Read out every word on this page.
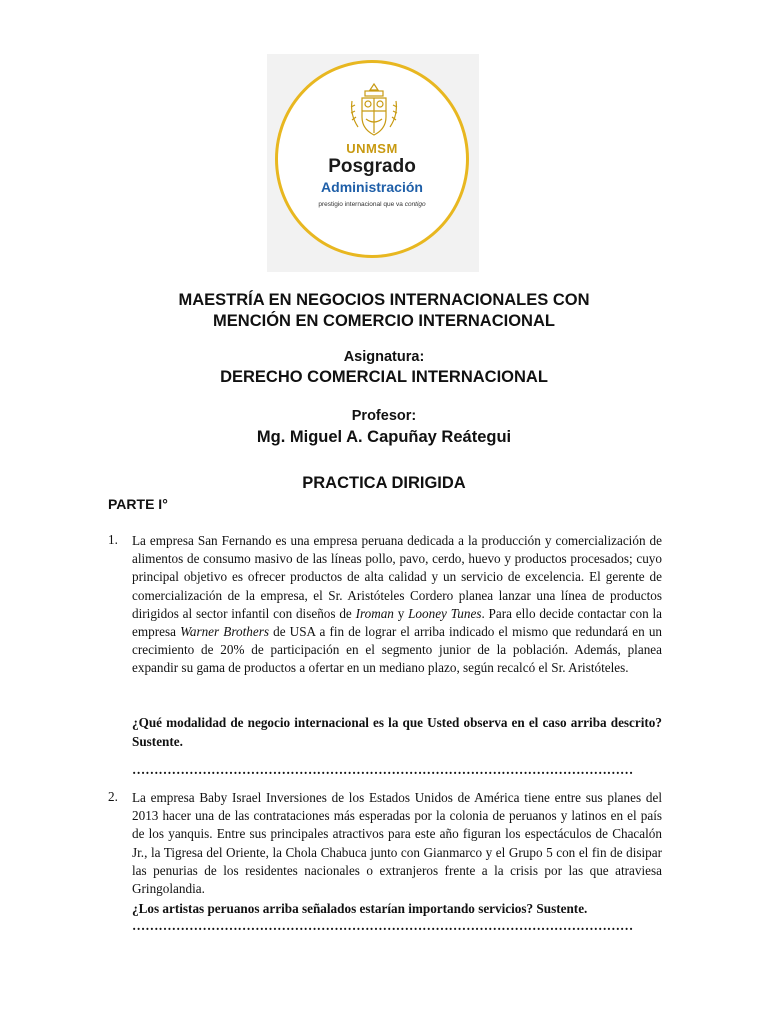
UNMSM
Posgrado
Administración
prestigio internacional que va contigo
MAESTRÍA EN NEGOCIOS INTERNACIONALES CON
MENCIÓN EN COMERCIO INTERNACIONAL
Asignatura:
DERECHO COMERCIAL INTERNACIONAL
Profesor:
Mg. Miguel A. Capuñay Reátegui
PRACTICA DIRIGIDA
PARTE I°
1. La empresa San Fernando es una empresa peruana dedicada a la producción y comercialización de alimentos de consumo masivo de las líneas pollo, pavo, cerdo, huevo y productos procesados; cuyo principal objetivo es ofrecer productos de alta calidad y un servicio de excelencia. El gerente de comercialización de la empresa, el Sr. Aristóteles Cordero planea lanzar una línea de productos dirigidos al sector infantil con diseños de Iroman y Looney Tunes. Para ello decide contactar con la empresa Warner Brothers de USA a fin de lograr el arriba indicado el mismo que redundará en un crecimiento de 20% de participación en el segmento junior de la población. Además, planea expandir su gama de productos a ofertar en un mediano plazo, según recalcó el Sr. Aristóteles.
¿Qué modalidad de negocio internacional es la que Usted observa en el caso arriba descrito? Sustente.
……………………………………………………………………………………………………
2. La empresa Baby Israel Inversiones de los Estados Unidos de América tiene entre sus planes del 2013 hacer una de las contrataciones más esperadas por la colonia de peruanos y latinos en el país de los yanquis. Entre sus principales atractivos para este año figuran los espectáculos de Chacalón Jr., la Tigresa del Oriente, la Chola Chabuca junto con Gianmarco y el Grupo 5 con el fin de disipar las penurias de los residentes nacionales o extranjeros frente a la crisis por las que atraviesa Gringolandia.
¿Los artistas peruanos arriba señalados estarían importando servicios? Sustente.
……………………………………………………………………………………………………
